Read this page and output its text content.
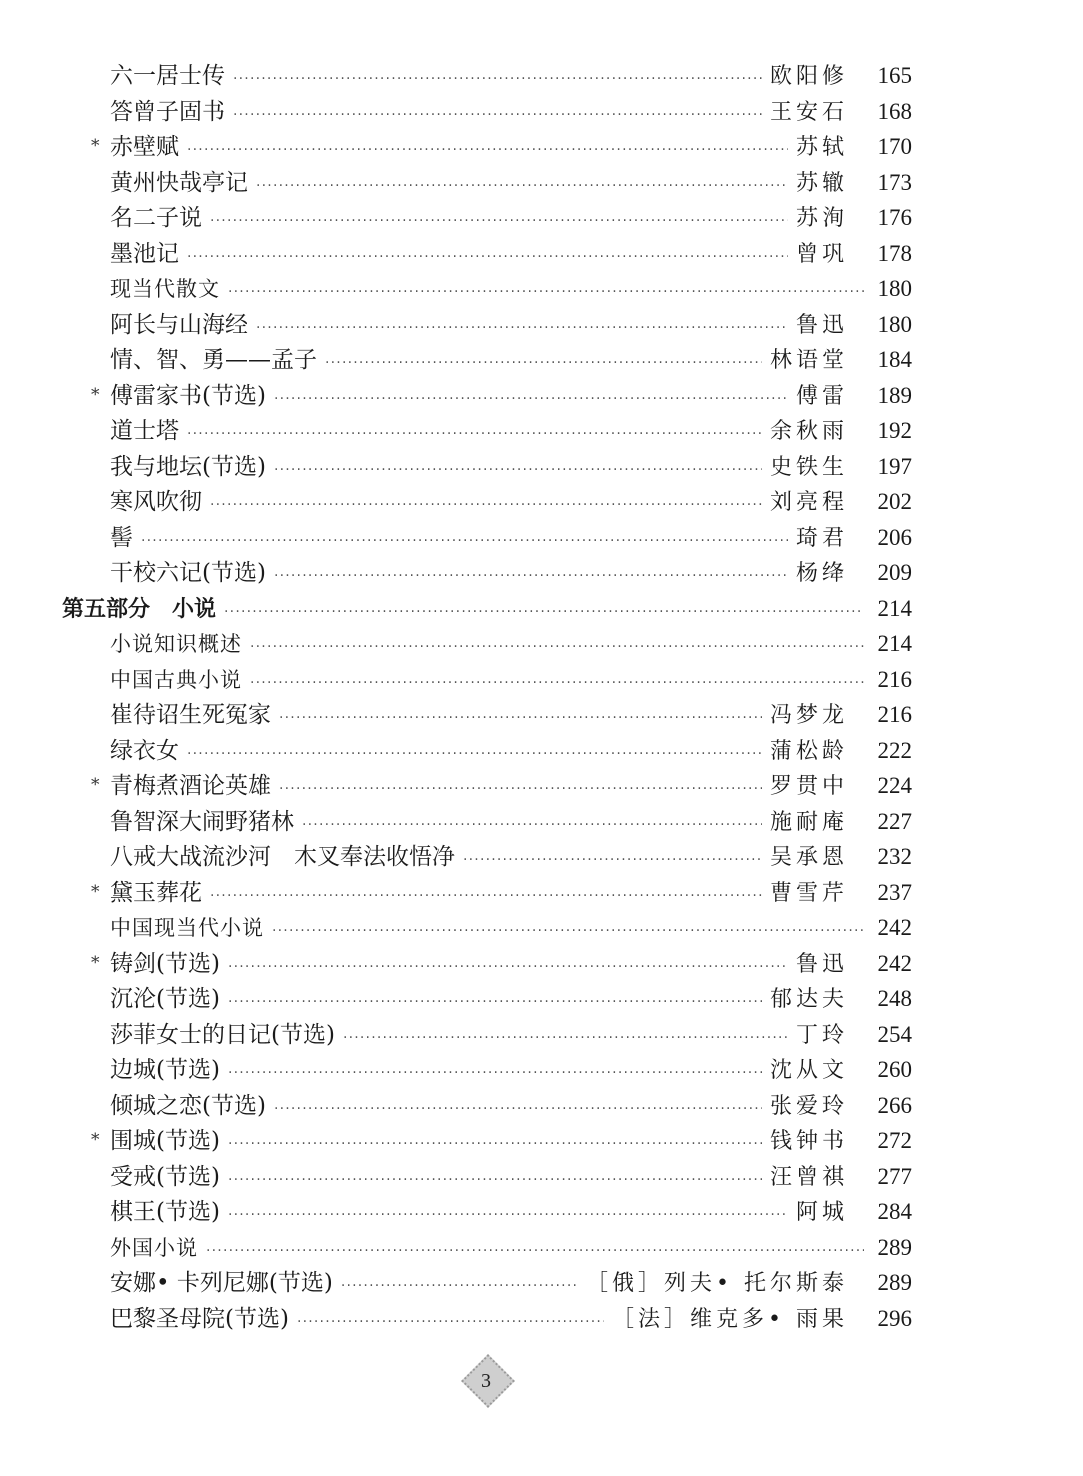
六一居士传 ·····	欧阳修 165
答曾子固书 ·····	王安石 168
* 赤壁赋 ·····	苏轼 170
黄州快哉亭记 ·····	苏辙 173
名二子说 ·····	苏洵 176
墨池记 ·····	曾巩 178
现当代散文 ·····	180
阿长与山海经 ·····	鲁迅 180
情、智、勇——孟子 ·····	林语堂 184
* 傅雷家书(节选) ·····	傅雷 189
道士塔 ·····	余秋雨 192
我与地坛(节选) ·····	史铁生 197
寒风吹彻 ·····	刘亮程 202
髻 ·····	琦君 206
干校六记(节选) ·····	杨绛 209
第五部分　小说 ·····	214
小说知识概述 ·····	214
中国古典小说 ·····	216
崔待诏生死冤家 ·····	冯梦龙 216
绿衣女 ·····	蒲松龄 222
* 青梅煮酒论英雄 ·····	罗贯中 224
鲁智深大闹野猪林 ·····	施耐庵 227
八戒大战流沙河　木叉奉法收悟净 ·····	吴承恩 232
* 黛玉葬花 ·····	曹雪芹 237
中国现当代小说 ·····	242
* 铸剑(节选) ·····	鲁迅 242
沉沦(节选) ·····	郁达夫 248
莎菲女士的日记(节选) ·····	丁玲 254
边城(节选) ·····	沈从文 260
倾城之恋(节选) ·····	张爱玲 266
* 围城(节选) ·····	钱钟书 272
受戒(节选) ·····	汪曾祺 277
棋王(节选) ·····	阿城 284
外国小说 ·····	289
安娜• 卡列尼娜(节选) ·····	［俄］列夫• 托尔斯泰 289
巴黎圣母院(节选) ·····	［法］维克多• 雨果 296
3
